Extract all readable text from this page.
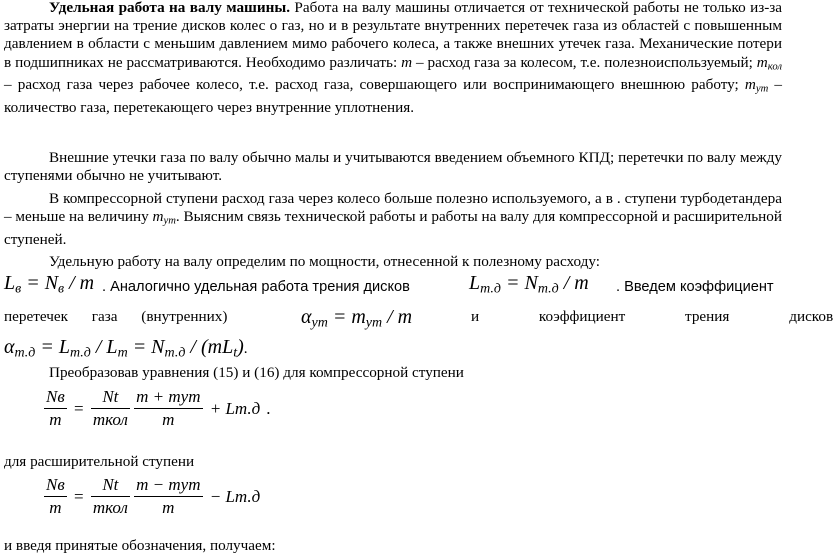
Удельная работа на валу машины. Работа на валу машины отличается от технической работы не только из-за затраты энергии на трение дисков колес о газ, но и в результате внутренних перетечек газа из областей с повышенным давлением в области с меньшим давлением мимо рабочего колеса, а также внешних утечек газа. Механические потери в подшипниках не рассматриваются. Необходимо различать: m – расход газа за колесом, т.е. полезноиспользуемый; $m_{кол}$ – расход газа через рабочее колесо, т.е. расход газа, совершающего или воспринимающего внешнюю работу; $m_{ут}$ – количество газа, перетекающего через внутренние уплотнения.

Внешние утечки газа по валу обычно малы и учитываются введением объемного КПД; перетечки по валу между ступенями обычно не учитывают.

В компрессорной ступени расход газа через колесо больше полезно используемого, а в . ступени турбодетандера – меньше на величину $m_{ут}$. Выясним связь технической работы и работы на валу для компрессорной и расширительной ступеней.

Удельную работу на валу определим по мощности, отнесенной к полезному расходу:

$L_в = N_в / m$ . Аналогично удельная работа трения дисков	$L_{т.д} = N_{т.д} / m$ . Введем коэффициент
перетечек газа (внутренних)	$\alpha_{ут} = m_{ут} / m$	и коэффициент трения дисков
$\alpha_{т.д} = L_{т.д} / L_т = N_{т.д} / (mL_t)$.

Преобразовав уравнения (15) и (16) для компрессорной ступени

$\frac{Nв}{m} = \frac{Nt}{\text{mкол}}$
$\frac{\text{m + mут}}{m} + Lт.д$ .
для расширительной ступени
$\frac{Nв}{m} = \frac{Nt}{\text{mкол}}$
$\frac{\text{m − mут}}{m} - Lт.д$
и введя принятые обозначения, получаем:
